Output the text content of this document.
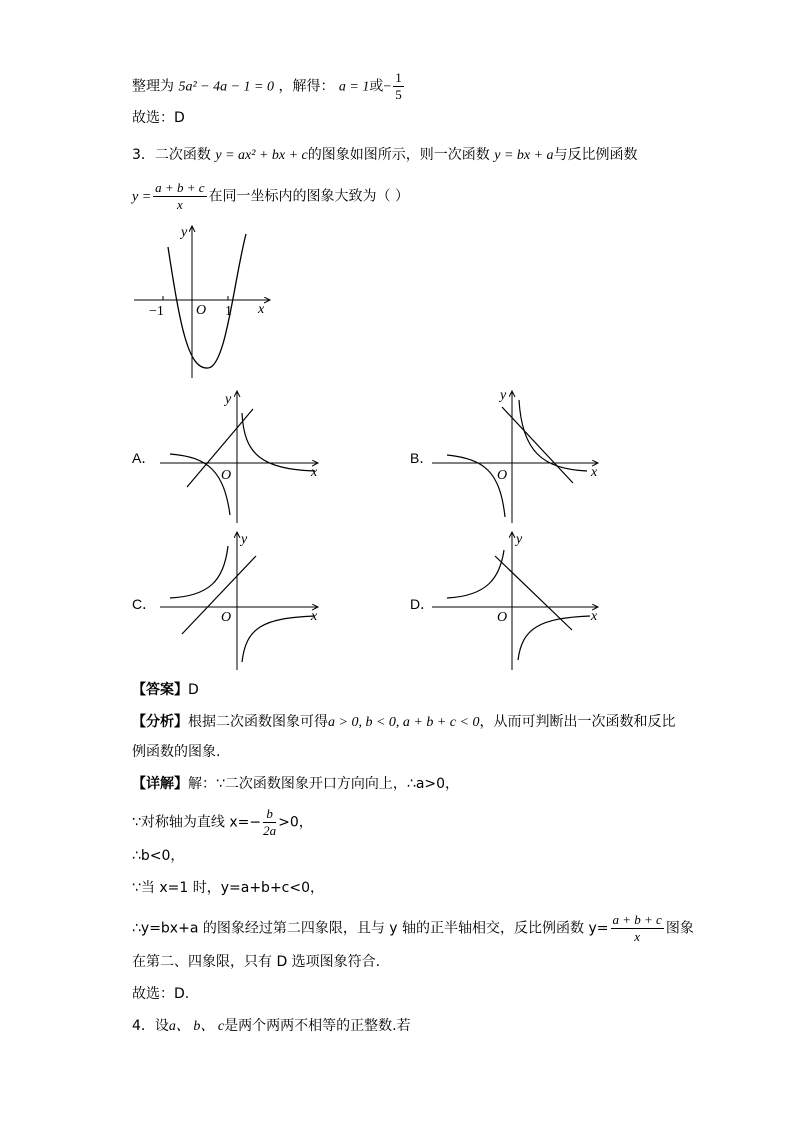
整理为 5a² − 4a − 1 = 0 ，解得： a = 1或− $\frac{1}{5}$
故选：D
3．二次函数 y = ax² + bx + c的图象如图所示，则一次函数 y = bx + a与反比例函数
$y = \frac{a + b + c}{x}$ 在同一坐标内的图象大致为（ ）
y
x
O
−1	1
A．
y
x
O
B．
y
x
O
C．
y
x
O
D．
y
x
O
【答案】D
【分析】根据二次函数图象可得a > 0, b < 0, a + b + c < 0，从而可判断出一次函数和反比
例函数的图象.
【详解】解：∵二次函数图象开口方向向上，∴a>0，
∵对称轴为直线 $x=- \frac{b}{2a} >0$，
∴b<0，
∵当 x=1 时，y=a+b+c<0，
∴y=bx+a 的图象经过第二四象限，且与 y 轴的正半轴相交，反比例函数 $y= \frac{a + b + c}{x}$ 图象
在第二、四象限，只有 D 选项图象符合.
故选：D.
4．设a、 b、 c是两个两两不相等的正整数.若
